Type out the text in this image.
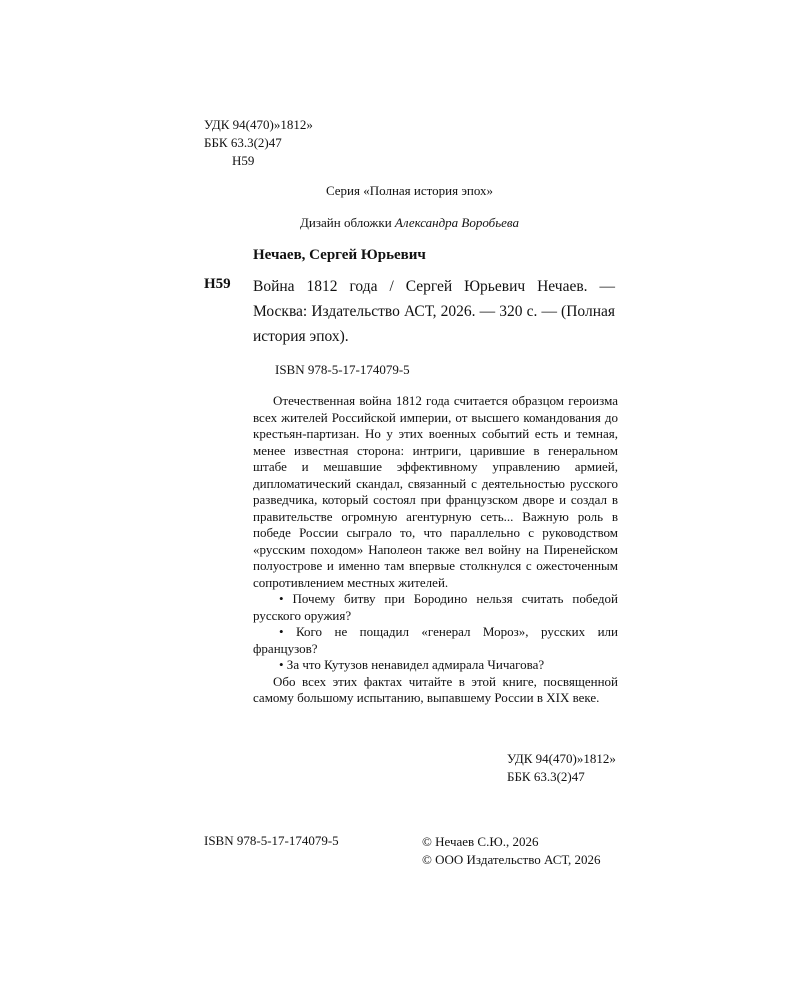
УДК 94(470)»1812»
ББК 63.3(2)47
Н59
Серия «Полная история эпох»
Дизайн обложки Александра Воробьева
Нечаев, Сергей Юрьевич
Н59 Война 1812 года / Сергей Юрьевич Нечаев. — Москва: Издательство АСТ, 2026. — 320 с. — (Полная история эпох).
ISBN 978-5-17-174079-5

Отечественная война 1812 года считается образцом героизма всех жителей Российской империи, от высшего командования до крестьян-партизан. Но у этих военных событий есть и темная, менее известная сторона: интриги, царившие в генеральном штабе и мешавшие эффективному управлению армией, дипломатический скандал, связанный с деятельностью русского разведчика, который состоял при французском дворе и создал в правительстве огромную агентурную сеть... Важную роль в победе России сыграло то, что параллельно с руководством «русским походом» Наполеон также вел войну на Пиренейском полуострове и именно там впервые столкнулся с ожесточенным сопротивлением местных жителей.

• Почему битву при Бородино нельзя считать победой русского оружия?

• Кого не пощадил «генерал Мороз», русских или французов?

• За что Кутузов ненавидел адмирала Чичагова?

Обо всех этих фактах читайте в этой книге, посвященной самому большому испытанию, выпавшему России в XIX веке.

УДК 94(470)»1812»
ББК 63.3(2)47
ISBN 978-5-17-174079-5	© Нечаев С.Ю., 2026
© ООО Издательство АСТ, 2026
